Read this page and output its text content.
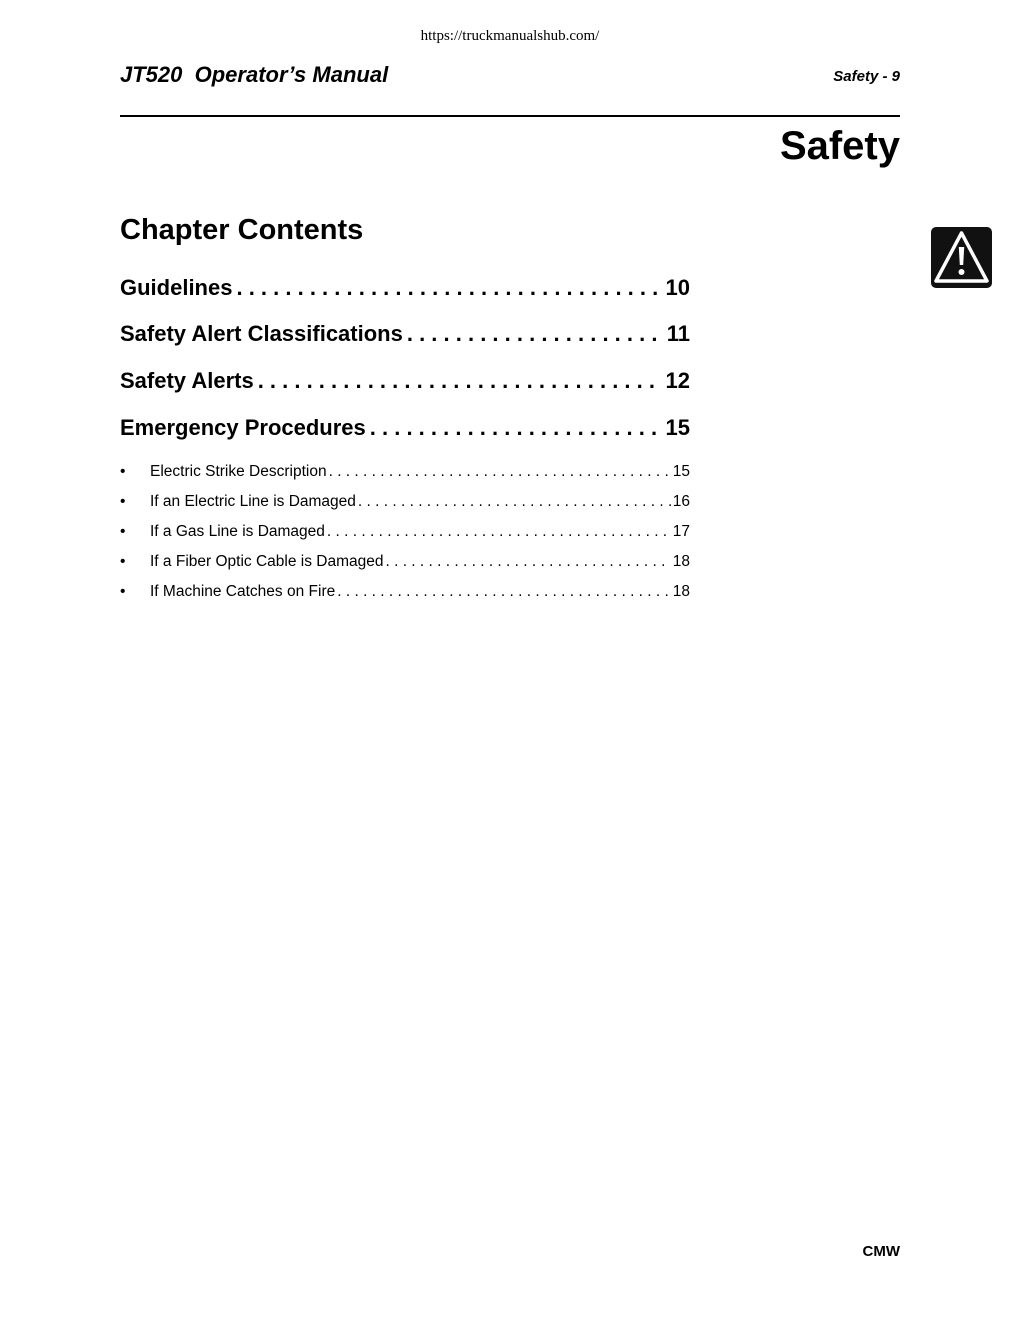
https://truckmanualshub.com/
JT520  Operator’s Manual	Safety - 9
Safety
Chapter Contents
Guidelines . . .	10
Safety Alert Classifications . . .	11
Safety Alerts . . .	12
Emergency Procedures . . .	15
•	Electric Strike Description . . .	15
•	If an Electric Line is Damaged . . .	16
•	If a Gas Line is Damaged . . .	17
•	If a Fiber Optic Cable is Damaged . . .	18
•	If Machine Catches on Fire . . .	18
CMW
